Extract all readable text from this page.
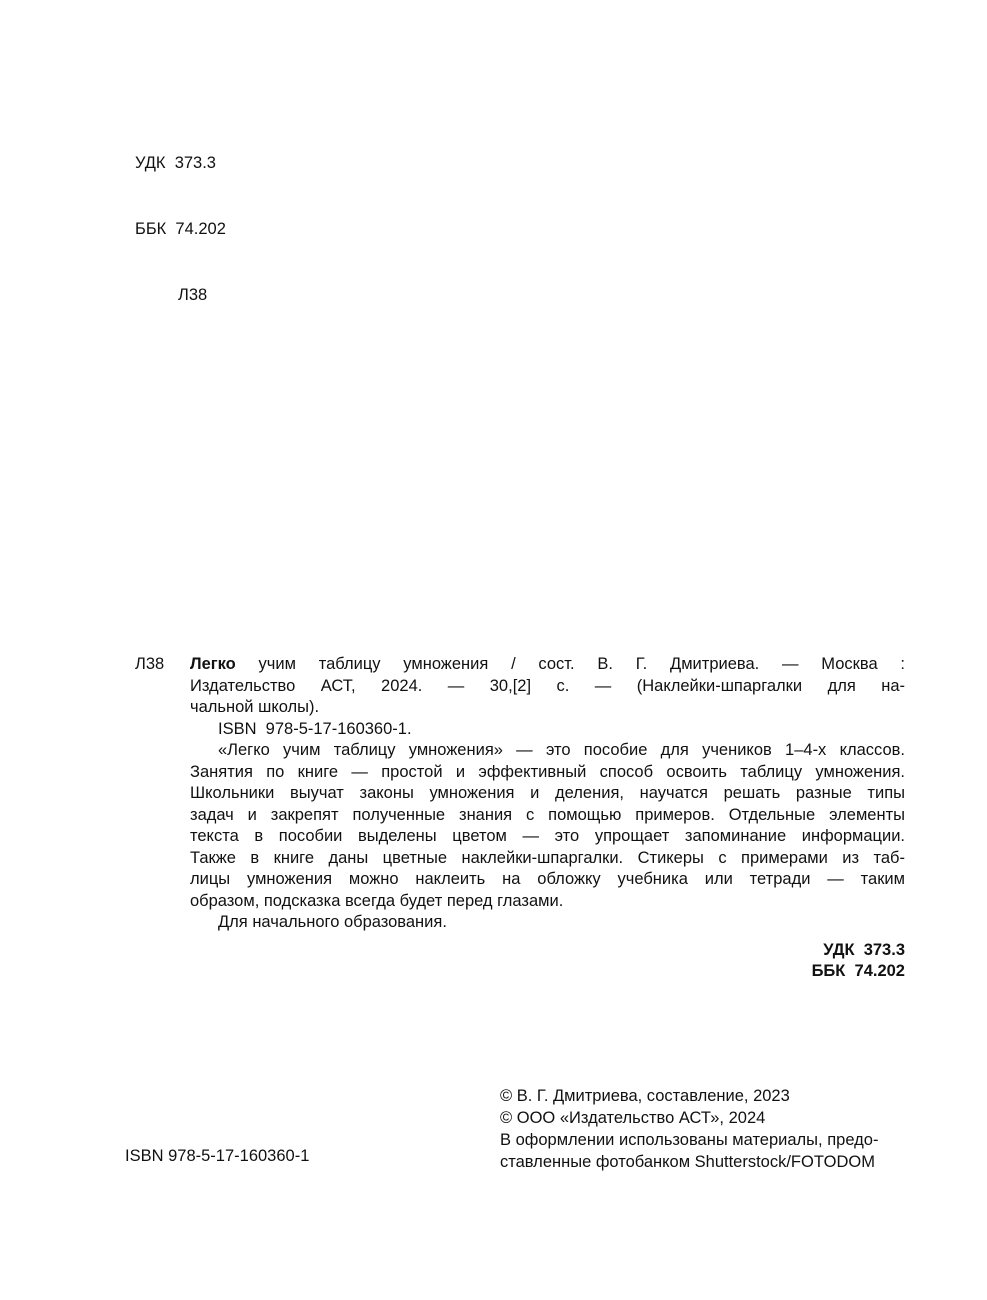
УДК  373.3

ББК  74.202

Л38

Л38 Легко учим таблицу умножения / сост. В. Г. Дмитриева. — Москва :
Издательство АСТ, 2024. — 30,[2] с. — (Наклейки-шпаргалки для на-
чальной школы).
ISBN  978-5-17-160360-1.
«Легко учим таблицу умножения» — это пособие для учеников 1–4-х классов.
Занятия по книге — простой и эффективный способ освоить таблицу умножения.
Школьники выучат законы умножения и деления, научатся решать разные типы
задач и закрепят полученные знания с помощью примеров. Отдельные элементы
текста в пособии выделены цветом — это упрощает запоминание информации.
Также в книге даны цветные наклейки-шпаргалки. Стикеры с примерами из таб-
лицы умножения можно наклеить на обложку учебника или тетради — таким
образом, подсказка всегда будет перед глазами.
Для начального образования.
УДК  373.3
ББК  74.202
© В. Г. Дмитриева, составление, 2023
© ООО «Издательство АСТ», 2024
В оформлении использованы материалы, предо-
ставленные фотобанком Shutterstock/FOTODOM
ISBN 978-5-17-160360-1
